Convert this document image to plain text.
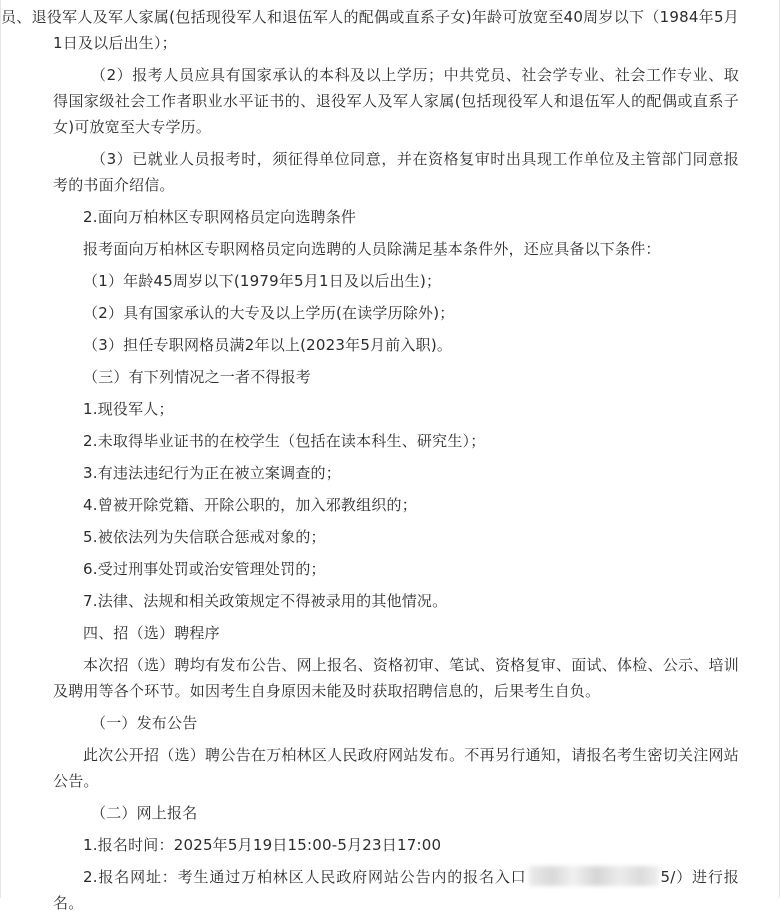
员、退役军人及军人家属(包括现役军人和退伍军人的配偶或直系子女)年龄可放宽至40周岁以下（1984年5月1日及以后出生）；

（2）报考人员应具有国家承认的本科及以上学历；中共党员、社会学专业、社会工作专业、取得国家级社会工作者职业水平证书的、退役军人及军人家属(包括现役军人和退伍军人的配偶或直系子女)可放宽至大专学历。

（3）已就业人员报考时，须征得单位同意，并在资格复审时出具现工作单位及主管部门同意报考的书面介绍信。

2.面向万柏林区专职网格员定向选聘条件

报考面向万柏林区专职网格员定向选聘的人员除满足基本条件外，还应具备以下条件：

（1）年龄45周岁以下(1979年5月1日及以后出生)；

（2）具有国家承认的大专及以上学历(在读学历除外)；

（3）担任专职网格员满2年以上(2023年5月前入职)。

（三）有下列情况之一者不得报考

1.现役军人；

2.未取得毕业证书的在校学生（包括在读本科生、研究生）；

3.有违法违纪行为正在被立案调查的；

4.曾被开除党籍、开除公职的，加入邪教组织的；

5.被依法列为失信联合惩戒对象的；

6.受过刑事处罚或治安管理处罚的；

7.法律、法规和相关政策规定不得被录用的其他情况。

四、招（选）聘程序

本次招（选）聘均有发布公告、网上报名、资格初审、笔试、资格复审、面试、体检、公示、培训及聘用等各个环节。如因考生自身原因未能及时获取招聘信息的，后果考生自负。

（一）发布公告

此次公开招（选）聘公告在万柏林区人民政府网站发布。不再另行通知，请报名考生密切关注网站公告。

（二）网上报名

1.报名时间：2025年5月19日15:00-5月23日17:00

2.报名网址：考生通过万柏林区人民政府网站公告内的报名入口	5/）进行报名。
